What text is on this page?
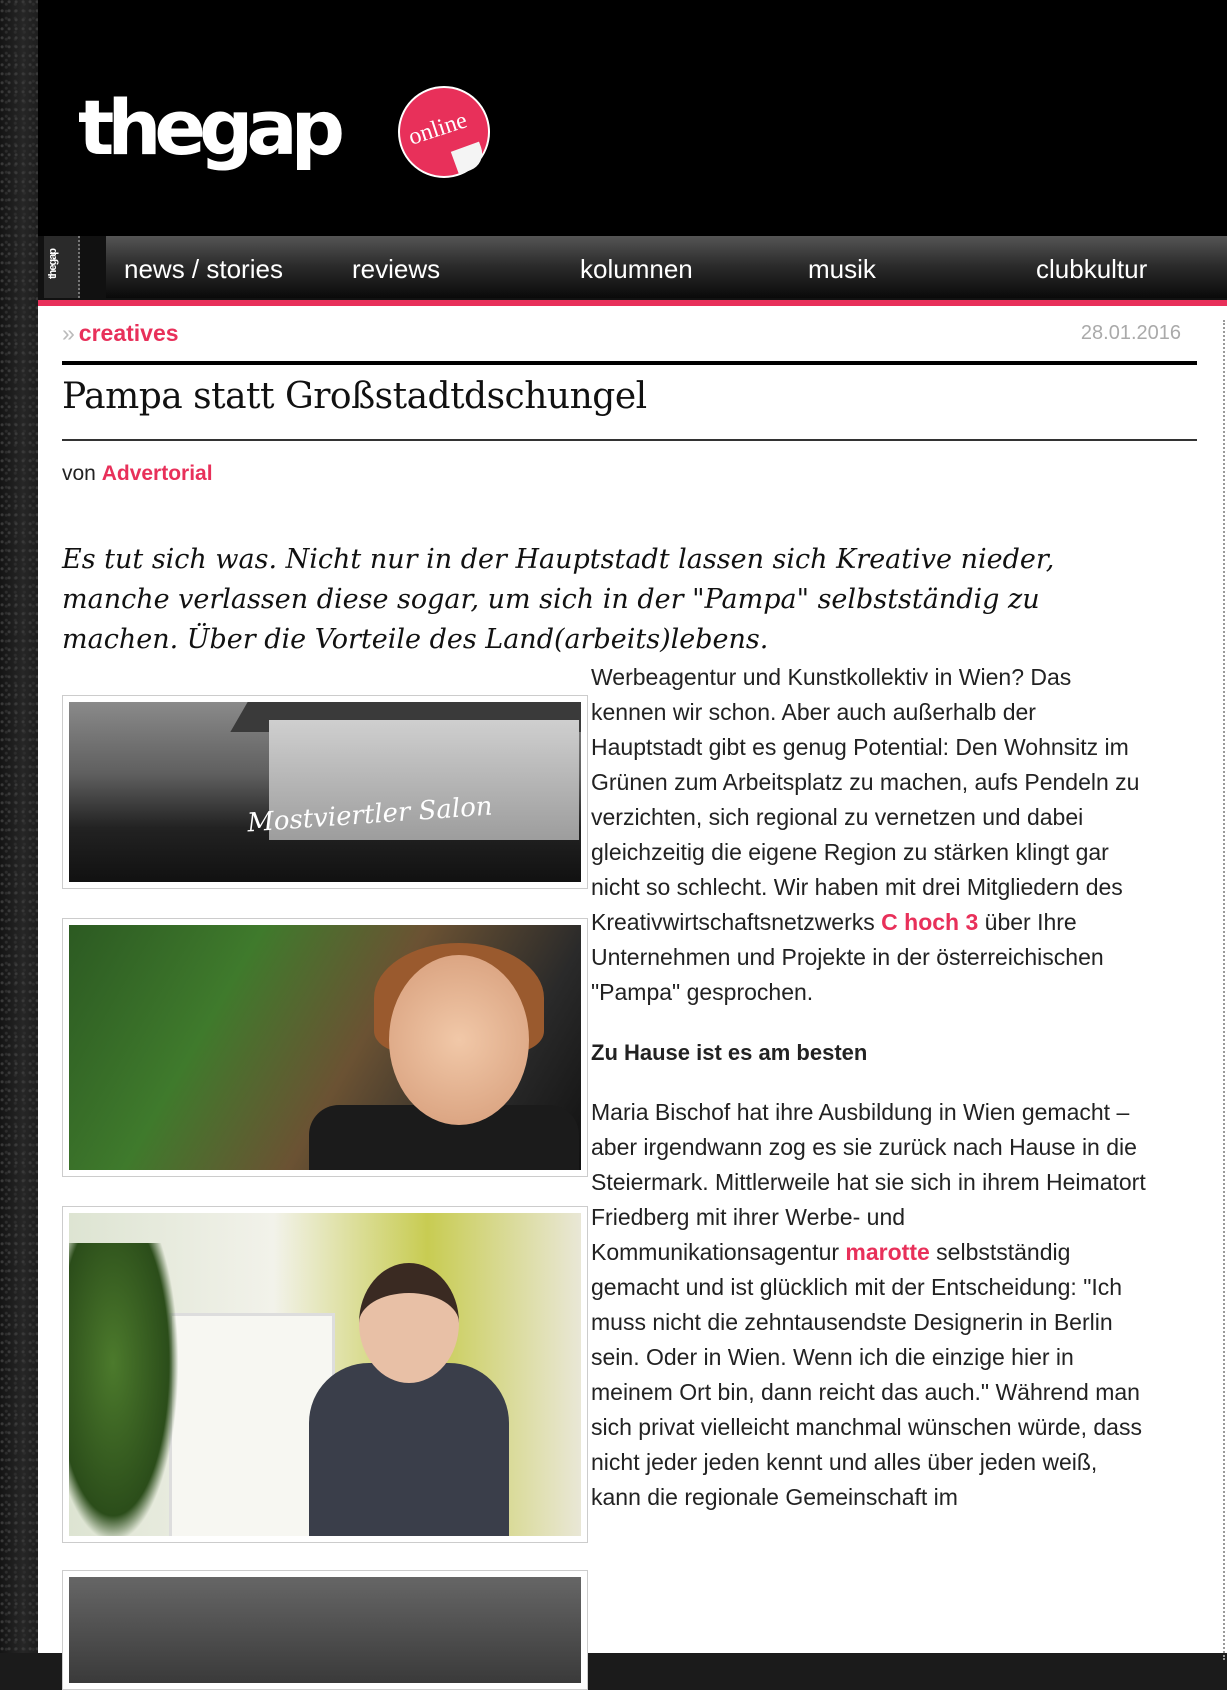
thegap	online
thegap	news / stories	reviews	kolumnen	musik	clubkultur
» creatives	28.01.2016
Pampa statt Großstadtdschungel
von Advertorial
Es tut sich was. Nicht nur in der Hauptstadt lassen sich Kreative nieder, manche verlassen diese sogar, um sich in der "Pampa" selbstständig zu machen. Über die Vorteile des Land(arbeits)lebens.
Mostviertler Salon

Werbeagentur und Kunstkollektiv in Wien? Das kennen wir schon. Aber auch außerhalb der Hauptstadt gibt es genug Potential: Den Wohnsitz im Grünen zum Arbeitsplatz zu machen, aufs Pendeln zu verzichten, sich regional zu vernetzen und dabei gleichzeitig die eigene Region zu stärken klingt gar nicht so schlecht. Wir haben mit drei Mitgliedern des Kreativwirtschaftsnetzwerks C hoch 3 über Ihre Unternehmen und Projekte in der österreichischen "Pampa" gesprochen.

Zu Hause ist es am besten

Maria Bischof hat ihre Ausbildung in Wien gemacht – aber irgendwann zog es sie zurück nach Hause in die Steiermark. Mittlerweile hat sie sich in ihrem Heimatort Friedberg mit ihrer Werbe- und Kommunikationsagentur marotte selbstständig gemacht und ist glücklich mit der Entscheidung: "Ich muss nicht die zehntausendste Designerin in Berlin sein. Oder in Wien. Wenn ich die einzige hier in meinem Ort bin, dann reicht das auch." Während man sich privat vielleicht manchmal wünschen würde, dass nicht jeder jeden kennt und alles über jeden weiß, kann die regionale Gemeinschaft im
